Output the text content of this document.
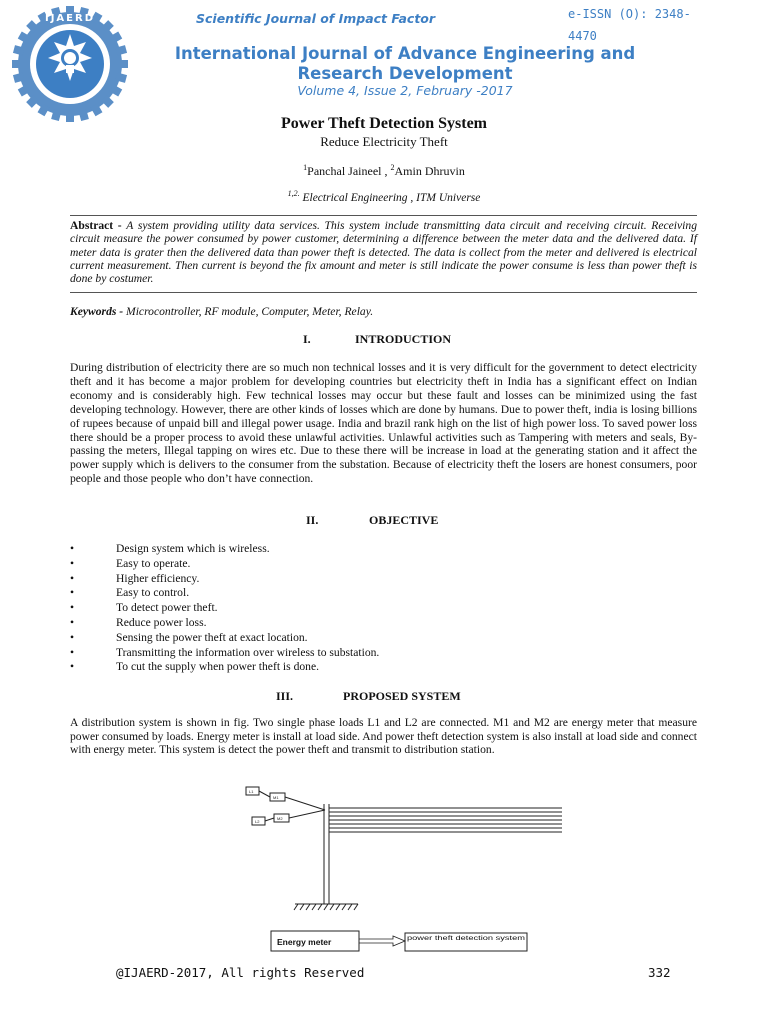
IJAERD	Scientific Journal of Impact Factor	e-ISSN (O): 2348-4470
International Journal of Advance Engineering and Research Development
Volume 4, Issue 2, February -2017
Power Theft Detection System
Reduce Electricity Theft
$^1$Panchal Jaineel , $^2$Amin Dhruvin
$^{1,2.}$ Electrical Engineering , ITM Universe
Abstract - A system providing utility data services. This system include transmitting data circuit and receiving circuit. Receiving circuit measure the power consumed by power customer, determining a difference between the meter data and the delivered data. If meter data is grater then the delivered data than power theft is detected. The data is collect from the meter and delivered is electrical current measurement. Then current is beyond the fix amount and meter is still indicate the power consume is less than power theft is done by costumer.
Keywords - Microcontroller, RF module, Computer, Meter, Relay.
I.	INTRODUCTION
During distribution of electricity there are so much non technical losses and it is very difficult for the government to detect electricity theft and it has become a major problem for developing countries but electricity theft in India has a significant effect on Indian economy and is considerably high. Few technical losses may occur but these fault and losses can be minimized using the fast developing technology. However, there are other kinds of losses which are done by humans. Due to power theft, india is losing billions of rupees because of unpaid bill and illegal power usage. India and brazil rank high on the list of high power loss. To saved power loss there should be a proper process to avoid these unlawful activities. Unlawful activities such as Tampering with meters and seals, By-passing the meters, Illegal tapping on wires etc. Due to these there will be increase in load at the generating station and it affect the power supply which is delivers to the consumer from the substation. Because of electricity theft the losers are honest consumers, poor people and those people who don’t have connection.
II.	OBJECTIVE
•	Design system which is wireless.
•	Easy to operate.
•	Higher efficiency.
•	Easy to control.
•	To detect power theft.
•	Reduce power loss.
•	Sensing the power theft at exact location.
•	Transmitting the information over wireless to substation.
•	To cut the supply when power theft is done.
III.	PROPOSED SYSTEM
A distribution system is shown in fig. Two single phase loads L1 and L2 are connected. M1 and M2 are energy meter that measure power consumed by loads. Energy meter is install at load side. And power theft detection system is also install at load side and connect with energy meter. This system is detect the power theft and transmit to distribution station.
L1
M1
L2
M2
Energy meter	power theft detection system
@IJAERD-2017, All rights Reserved	332
